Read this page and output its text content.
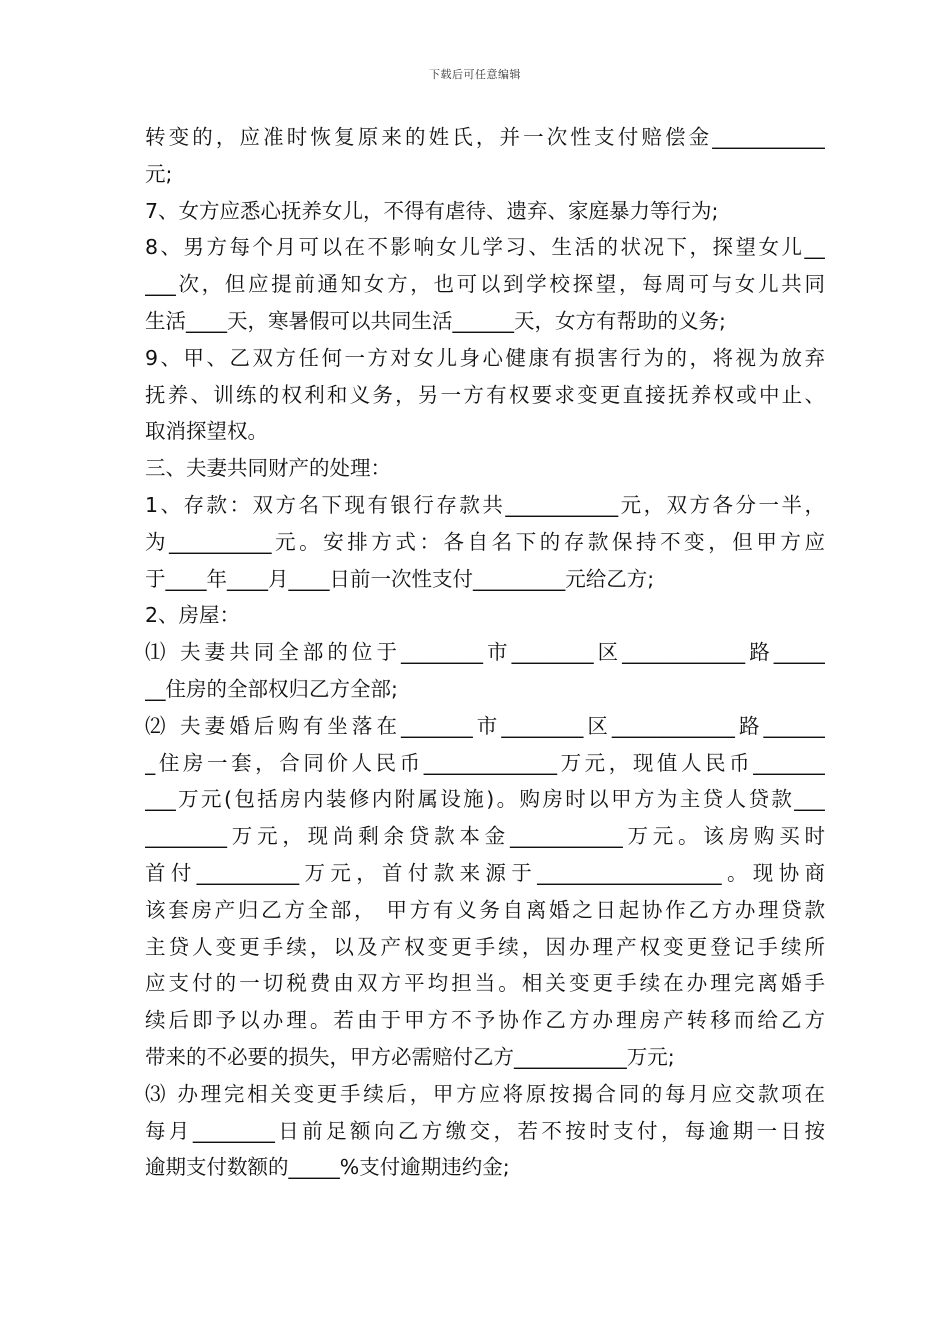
下载后可任意编辑
转变的，应准时恢复原来的姓氏，并一次性支付赔偿金___________
元;
7、女方应悉心抚养女儿，不得有虐待、遗弃、家庭暴力等行为;
8、男方每个月可以在不影响女儿学习、生活的状况下，探望女儿__
___次，但应提前通知女方，也可以到学校探望，每周可与女儿共同
生活____天，寒暑假可以共同生活______天，女方有帮助的义务;
9、甲、乙双方任何一方对女儿身心健康有损害行为的，将视为放弃
抚养、训练的权利和义务，另一方有权要求变更直接抚养权或中止、
取消探望权。
三、夫妻共同财产的处理：
1、存款：双方名下现有银行存款共___________元，双方各分一半，
为__________元。安排方式：各自名下的存款保持不变，但甲方应
于____年____月____日前一次性支付_________元给乙方;
2、房屋：
⑴ 夫妻共同全部的位于________市________区____________路_____
__住房的全部权归乙方全部;
⑵ 夫妻婚后购有坐落在_______市________区____________路______
_住房一套，合同价人民币_____________万元，现值人民币_______
___万元(包括房内装修内附属设施)。购房时以甲方为主贷人贷款___
________万元，现尚剩余贷款本金___________万元。该房购买时
首付__________万元，首付款来源于__________________。现协商
该套房产归乙方全部， 甲方有义务自离婚之日起协作乙方办理贷款
主贷人变更手续，以及产权变更手续，因办理产权变更登记手续所
应支付的一切税费由双方平均担当。相关变更手续在办理完离婚手
续后即予以办理。若由于甲方不予协作乙方办理房产转移而给乙方
带来的不必要的损失，甲方必需赔付乙方___________万元;
⑶ 办理完相关变更手续后，甲方应将原按揭合同的每月应交款项在
每月________日前足额向乙方缴交，若不按时支付，每逾期一日按
逾期支付数额的_____%支付逾期违约金;
